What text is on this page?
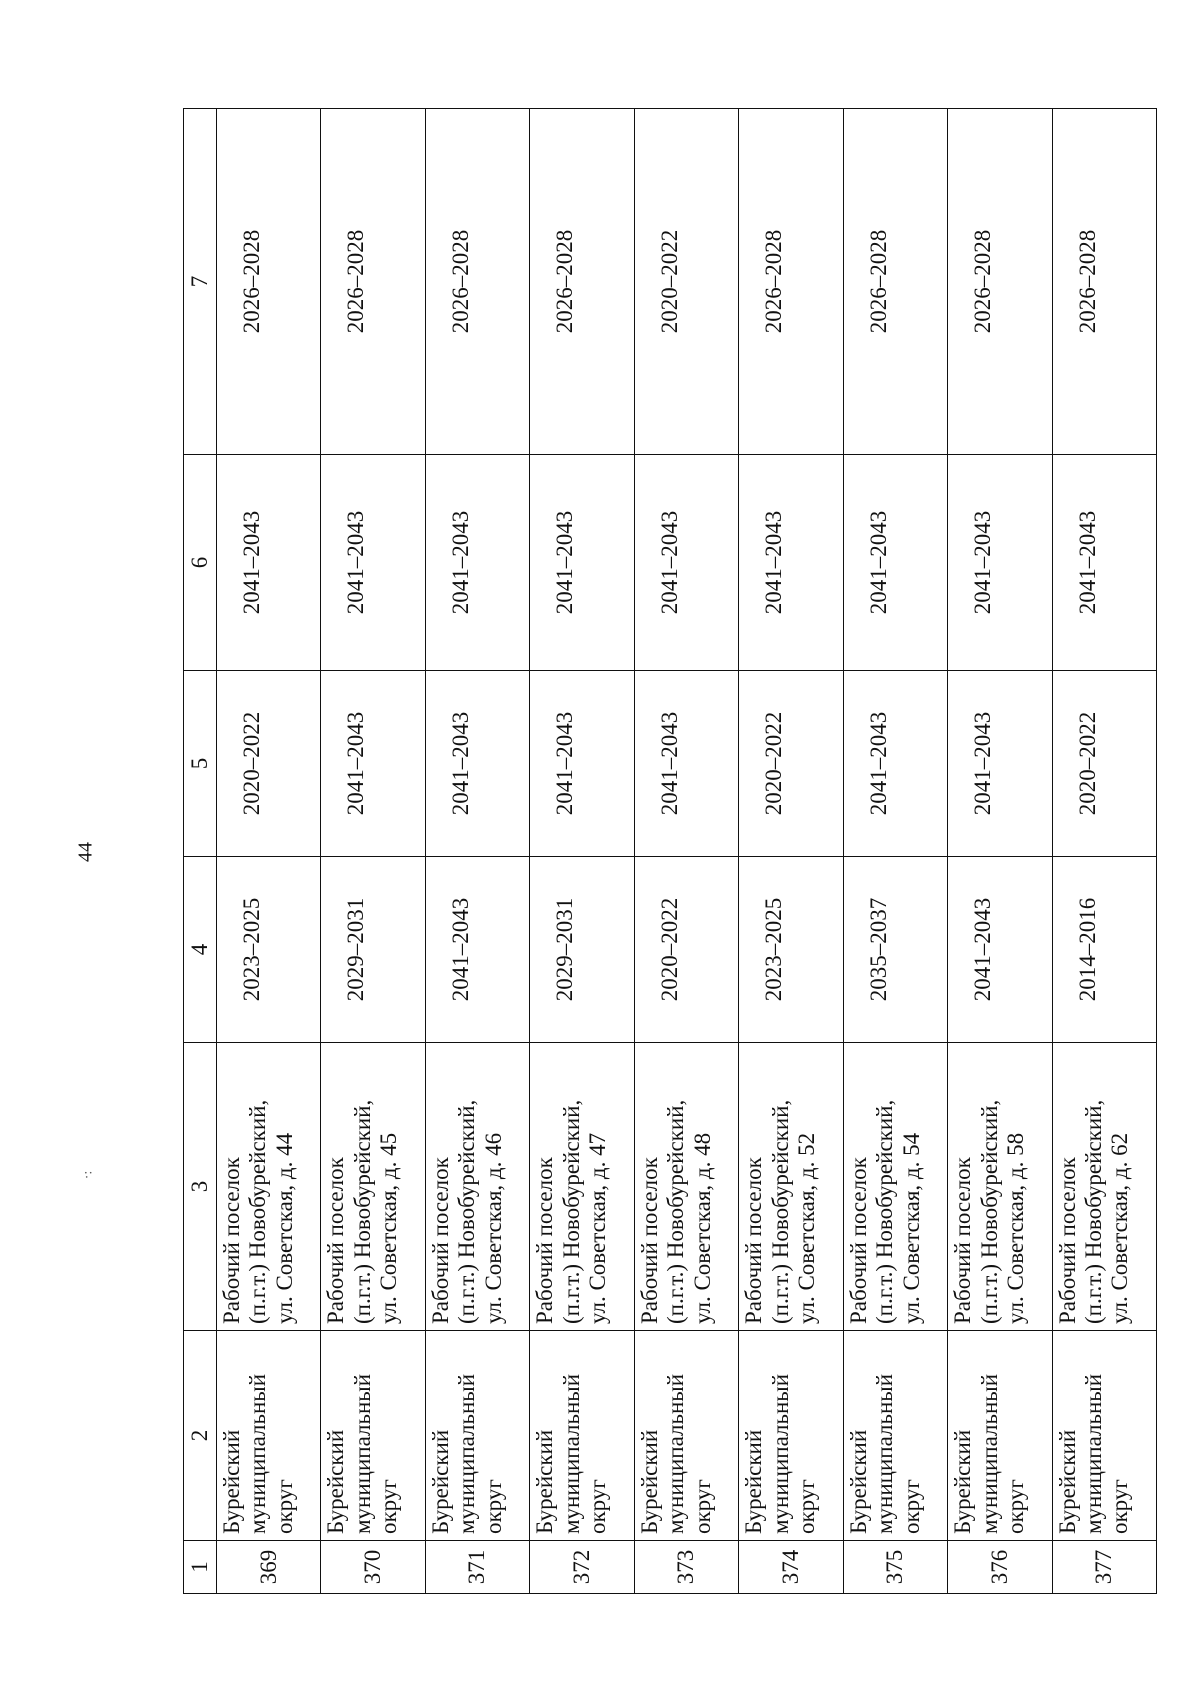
44
·:
1	2	3	4	5	6	7
369	Бурейский муниципальный округ	Рабочий поселок (п.г.т.) Новобурейский, ул. Советская, д. 44	2023–2025	2020–2022	2041–2043	2026–2028
370	Бурейский муниципальный округ	Рабочий поселок (п.г.т.) Новобурейский, ул. Советская, д. 45	2029–2031	2041–2043	2041–2043	2026–2028
371	Бурейский муниципальный округ	Рабочий поселок (п.г.т.) Новобурейский, ул. Советская, д. 46	2041–2043	2041–2043	2041–2043	2026–2028
372	Бурейский муниципальный округ	Рабочий поселок (п.г.т.) Новобурейский, ул. Советская, д. 47	2029–2031	2041–2043	2041–2043	2026–2028
373	Бурейский муниципальный округ	Рабочий поселок (п.г.т.) Новобурейский, ул. Советская, д. 48	2020–2022	2041–2043	2041–2043	2020–2022
374	Бурейский муниципальный округ	Рабочий поселок (п.г.т.) Новобурейский, ул. Советская, д. 52	2023–2025	2020–2022	2041–2043	2026–2028
375	Бурейский муниципальный округ	Рабочий поселок (п.г.т.) Новобурейский, ул. Советская, д. 54	2035–2037	2041–2043	2041–2043	2026–2028
376	Бурейский муниципальный округ	Рабочий поселок (п.г.т.) Новобурейский, ул. Советская, д. 58	2041–2043	2041–2043	2041–2043	2026–2028
377	Бурейский муниципальный округ	Рабочий поселок (п.г.т.) Новобурейский, ул. Советская, д. 62	2014–2016	2020–2022	2041–2043	2026–2028
